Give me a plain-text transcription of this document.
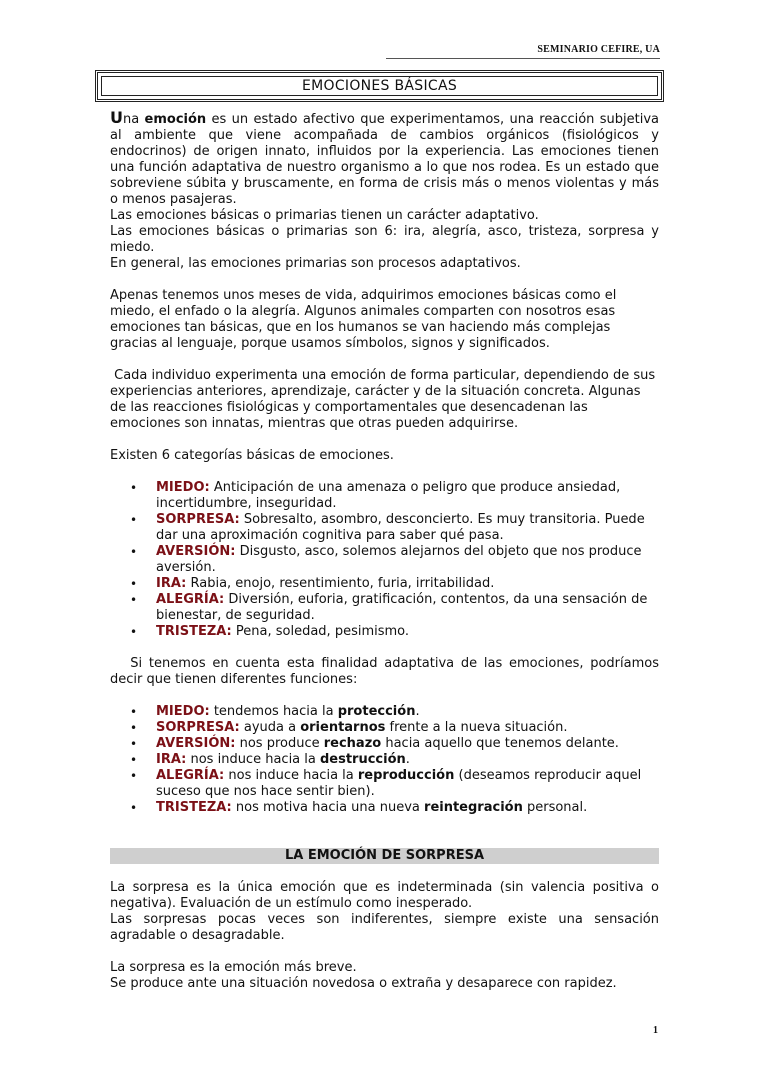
SEMINARIO CEFIRE, UA
EMOCIONES BÁSICAS

Una emoción es un estado afectivo que experimentamos, una reacción subjetiva al ambiente que viene acompañada de cambios orgánicos (fisiológicos y endocrinos) de origen innato, influidos por la experiencia. Las emociones tienen una función adaptativa de nuestro organismo a lo que nos rodea. Es un estado que sobreviene súbita y bruscamente, en forma de crisis más o menos violentas y más o menos pasajeras.

Las emociones básicas o primarias tienen un carácter adaptativo.

Las emociones básicas o primarias son 6: ira, alegría, asco, tristeza, sorpresa y miedo.

En general, las emociones primarias son procesos adaptativos.

Apenas tenemos unos meses de vida, adquirimos emociones básicas como el miedo, el enfado o la alegría. Algunos animales comparten con nosotros esas emociones tan básicas, que en los humanos se van haciendo más complejas gracias al lenguaje, porque usamos símbolos, signos y significados.

Cada individuo experimenta una emoción de forma particular, dependiendo de sus experiencias anteriores, aprendizaje, carácter y de la situación concreta. Algunas de las reacciones fisiológicas y comportamentales que desencadenan las emociones son innatas, mientras que otras pueden adquirirse.

Existen 6 categorías básicas de emociones.

• MIEDO: Anticipación de una amenaza o peligro que produce ansiedad, incertidumbre, inseguridad.
• SORPRESA: Sobresalto, asombro, desconcierto. Es muy transitoria. Puede dar una aproximación cognitiva para saber qué pasa.
• AVERSIÓN: Disgusto, asco, solemos alejarnos del objeto que nos produce aversión.
• IRA: Rabia, enojo, resentimiento, furia, irritabilidad.
• ALEGRÍA: Diversión, euforia, gratificación, contentos, da una sensación de bienestar, de seguridad.
• TRISTEZA: Pena, soledad, pesimismo.

Si tenemos en cuenta esta finalidad adaptativa de las emociones, podríamos decir que tienen diferentes funciones:

• MIEDO: tendemos hacia la protección.
• SORPRESA: ayuda a orientarnos frente a la nueva situación.
• AVERSIÓN: nos produce rechazo hacia aquello que tenemos delante.
• IRA: nos induce hacia la destrucción.
• ALEGRÍA: nos induce hacia la reproducción (deseamos reproducir aquel suceso que nos hace sentir bien).
• TRISTEZA: nos motiva hacia una nueva reintegración personal.
LA EMOCIÓN DE SORPRESA

La sorpresa es la única emoción que es indeterminada (sin valencia positiva o negativa). Evaluación de un estímulo como inesperado.

Las sorpresas pocas veces son indiferentes, siempre existe una sensación agradable o desagradable.

La sorpresa es la emoción más breve.

Se produce ante una situación novedosa o extraña y desaparece con rapidez.

1
